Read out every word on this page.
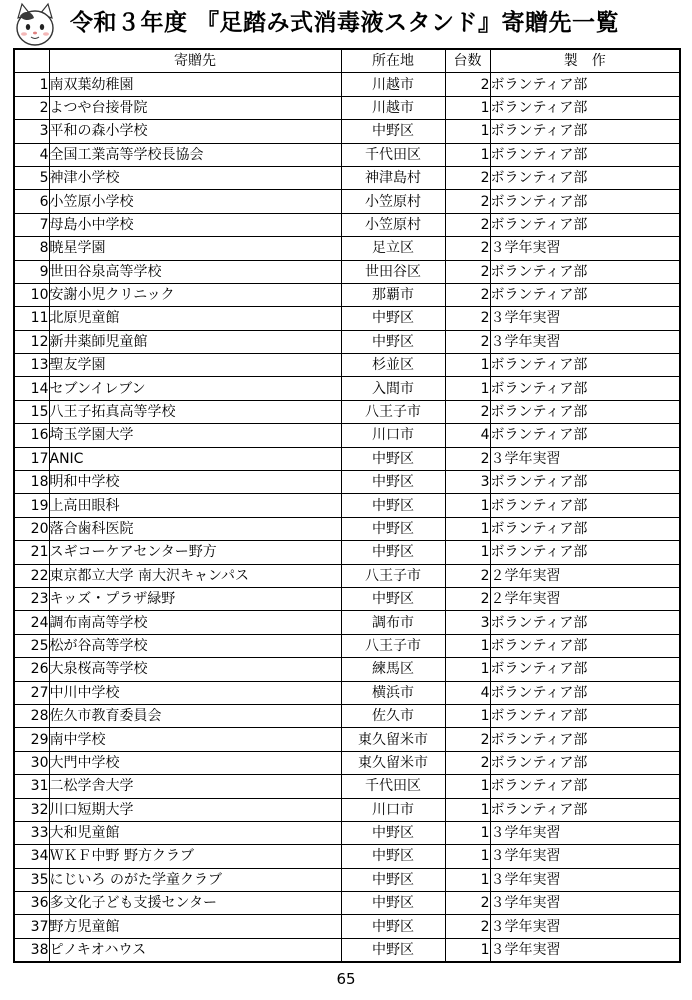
令和３年度 『足踏み式消毒液スタンド』寄贈先一覧
	寄贈先	所在地	台数	製　作
1	南双葉幼稚園	川越市	2	ボランティア部
2	よつや台接骨院	川越市	1	ボランティア部
3	平和の森小学校	中野区	1	ボランティア部
4	全国工業高等学校長協会	千代田区	1	ボランティア部
5	神津小学校	神津島村	2	ボランティア部
6	小笠原小学校	小笠原村	2	ボランティア部
7	母島小中学校	小笠原村	2	ボランティア部
8	暁星学園	足立区	2	３学年実習
9	世田谷泉高等学校	世田谷区	2	ボランティア部
10	安謝小児クリニック	那覇市	2	ボランティア部
11	北原児童館	中野区	2	３学年実習
12	新井薬師児童館	中野区	2	３学年実習
13	聖友学園	杉並区	1	ボランティア部
14	セブンイレブン	入間市	1	ボランティア部
15	八王子拓真高等学校	八王子市	2	ボランティア部
16	埼玉学園大学	川口市	4	ボランティア部
17	ANIC	中野区	2	３学年実習
18	明和中学校	中野区	3	ボランティア部
19	上高田眼科	中野区	1	ボランティア部
20	落合歯科医院	中野区	1	ボランティア部
21	スギコーケアセンター野方	中野区	1	ボランティア部
22	東京都立大学 南大沢キャンパス	八王子市	2	２学年実習
23	キッズ・プラザ緑野	中野区	2	２学年実習
24	調布南高等学校	調布市	3	ボランティア部
25	松が谷高等学校	八王子市	1	ボランティア部
26	大泉桜高等学校	練馬区	1	ボランティア部
27	中川中学校	横浜市	4	ボランティア部
28	佐久市教育委員会	佐久市	1	ボランティア部
29	南中学校	東久留米市	2	ボランティア部
30	大門中学校	東久留米市	2	ボランティア部
31	二松学舎大学	千代田区	1	ボランティア部
32	川口短期大学	川口市	1	ボランティア部
33	大和児童館	中野区	1	３学年実習
34	ＷＫＦ中野 野方クラブ	中野区	1	３学年実習
35	にじいろ のがた学童クラブ	中野区	1	３学年実習
36	多文化子ども支援センター	中野区	2	３学年実習
37	野方児童館	中野区	2	３学年実習
38	ピノキオハウス	中野区	1	３学年実習
65
